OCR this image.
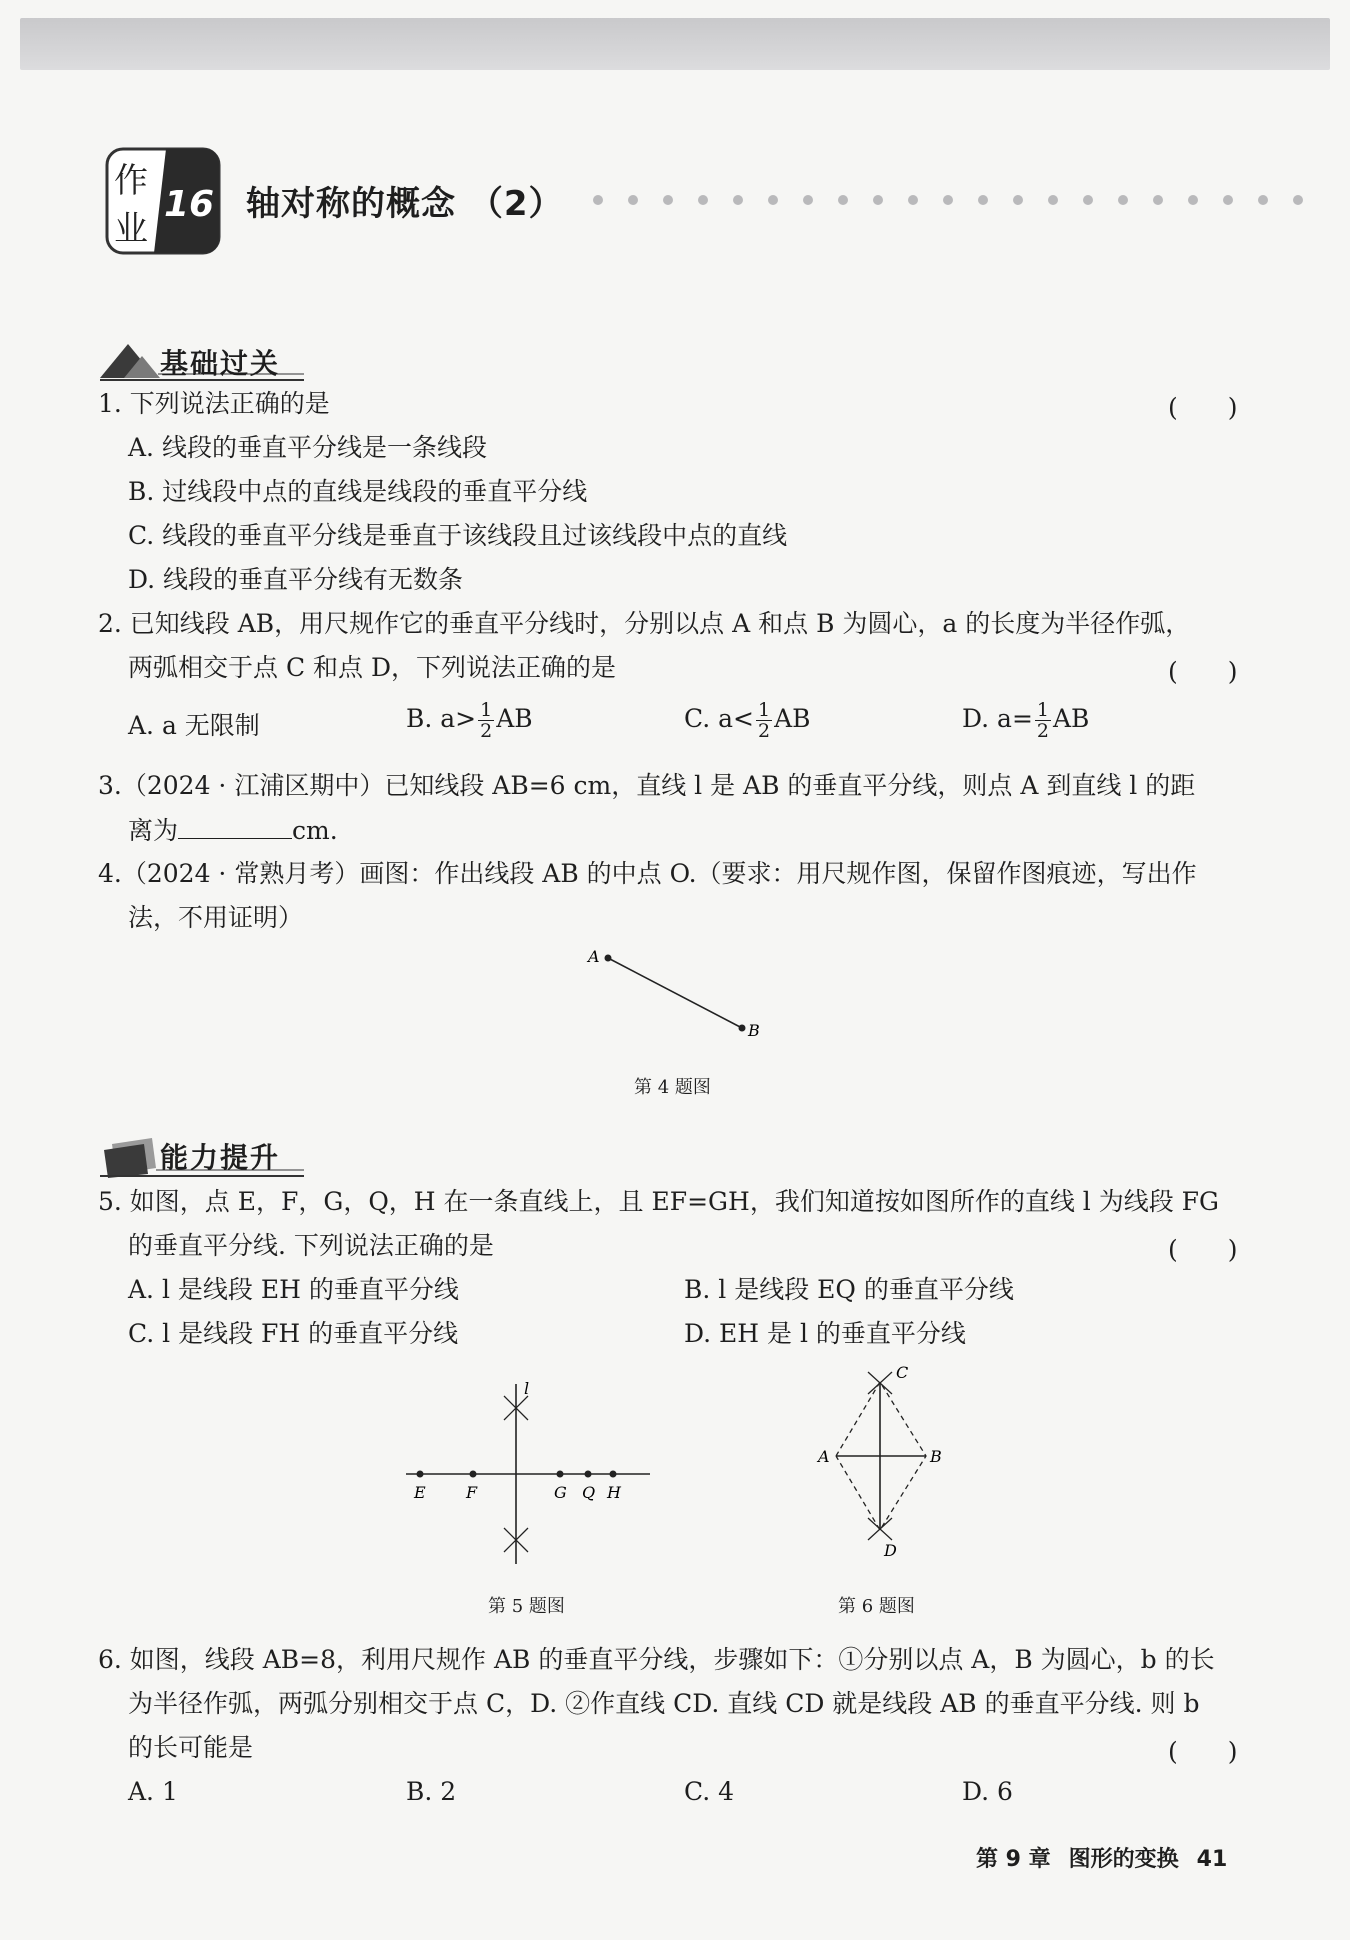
作
业
16 轴对称的概念 （2）
基础过关
1. 下列说法正确的是	(　　)
A. 线段的垂直平分线是一条线段
B. 过线段中点的直线是线段的垂直平分线
C. 线段的垂直平分线是垂直于该线段且过该线段中点的直线
D. 线段的垂直平分线有无数条
2. 已知线段 AB，用尺规作它的垂直平分线时，分别以点 A 和点 B 为圆心，a 的长度为半径作弧，
两弧相交于点 C 和点 D，下列说法正确的是	(　　)
A. a 无限制	B. $a> \frac{1}{2}$ AB	C. $a< \frac{1}{2}$ AB	D. $a= \frac{1}{2}$ AB
3.（2024 · 江浦区期中）已知线段 AB=6 cm，直线 l 是 AB 的垂直平分线，则点 A 到直线 l 的距
离为	cm.
4.（2024 · 常熟月考）画图：作出线段 AB 的中点 O.（要求：用尺规作图，保留作图痕迹，写出作
法，不用证明）
A
B
第 4 题图
能力提升
5. 如图，点 E，F，G，Q，H 在一条直线上，且 EF=GH，我们知道按如图所作的直线 l 为线段 FG
的垂直平分线. 下列说法正确的是	(　　)
A. l 是线段 EH 的垂直平分线	B. l 是线段 EQ 的垂直平分线
C. l 是线段 FH 的垂直平分线	D. EH 是 l 的垂直平分线
l
E	F	G Q H
第 5 题图
C
A	B
D
第 6 题图
6. 如图，线段 AB=8，利用尺规作 AB 的垂直平分线，步骤如下：①分别以点 A，B 为圆心，b 的长
为半径作弧，两弧分别相交于点 C，D. ②作直线 CD. 直线 CD 就是线段 AB 的垂直平分线. 则 b
的长可能是	(　　)
A. 1	B. 2	C. 4	D. 6
第 9 章 图形的变换 41
